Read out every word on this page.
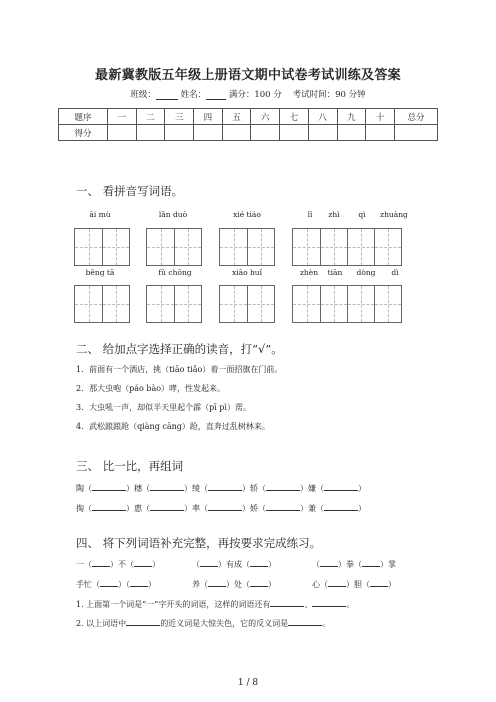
最新冀教版五年级上册语文期中试卷考试训练及答案
班级：	姓名：	满分：100 分 考试时间：90 分钟
题序	一	二	三	四	五	六	七	八	九	十	总分
得分											
一、 看拼音写词语。
āi mù	lǎn duò	xié tiáo	lǐ	zhì	qì	zhuàng
bēng tā	fǔ chōng	xiāo huǐ	zhèn	tiān	dòng	dì
二、 给加点字选择正确的读音，打“√”。
1．前面有一个酒店，挑（tiāo tiǎo）着一面招旗在门前。
2．那大虫咆（páo bào）哮，性发起来。
3．大虫吼一声，却似半天里起个霹（pī pì）雳。
4．武松踉踉跄（qiàng cāng）跄，直奔过乱树林来。
三、 比一比，再组词
陶（	）穗（	）绫（	）轿（	）嫌（	）
掏（	）惠（	）率（	）娇（	）兼（	）
四、 将下列词语补充完整，再按要求完成练习。
一（ ）不（ ）	（ ）有成（ ）	（ ）拳（ ）掌
手忙（ ）（ ）	养（ ）处（ ）	心（ ）胆（ ）
1. 上面第一个词是“一”字开头的词语，这样的词语还有	、	。
2. 以上词语中	的近义词是大惊失色，它的反义词是	。
1 / 8
